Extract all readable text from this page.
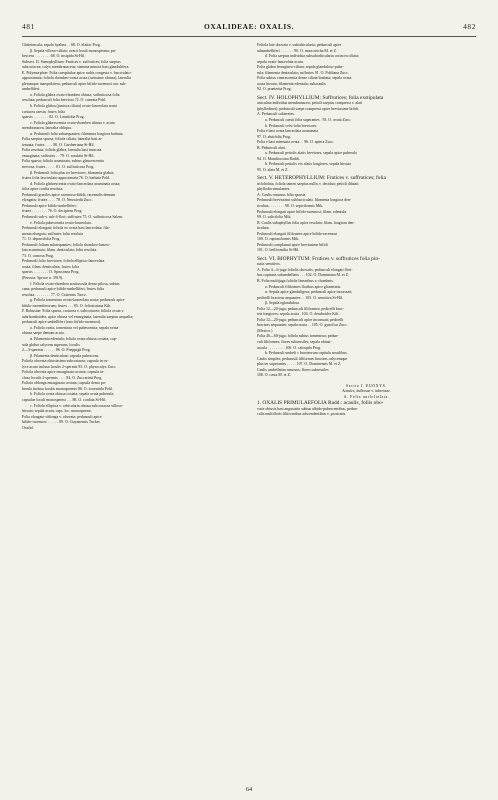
481	OXALIDEAE: OXALIS.	482

Glabriuscula; sepala hyalina . . 68. O. elatior Prog.

β. Sepala villoso-ciliata; ovarii loculi monosperma; pu-

bescens . . . . . . . . 68. O. insipida St-Hil.

Subsect. II. Stenophyllium: Frutices v. suffrutices; folia saepius

subcoriacea; calyx membranaceus; stamina minora basi glandulifera.

E. Polymorphoe: Folia caespitulae apice radiis congesta v. fasciculato-

approximata; foliola rhombeo-ovata acuta (rarissime obtusa), lateralia

plerumque inaequilatera; pedunculi apice bifido-racemosi rarc sub-

umbelliferi.

a. Foliola glabra ovato-rhombea obtusa; suffruticosa folia

resoluta; pedunculi folia breviora 72. O. cuneata Pohl.

b. Foliola glabra (junioca ciliata) ovato-lanceolata acuta

coriacea caesia; frutex folia

sparsis . . . . . . . . 82. O. Laurifolia Prog.

c. Foliola glabrescentia ovato-rhombea obtusa v. acuta

membranacea, lateralia obliqua.

α. Pedunculi folia subaequantes; filamenta longiora barbata.

Folia saepius sparsa; foliola ciliata, lateralia basi at-

tenuata; frutex . . . . 80. O. Gardneriana St-Hil.

Folia resoluta; foliola glabra, lateralia basi truncata

emarginata; suffrutex . . 79. O. rosulata St-Hil.

Folia sparsa; foliola acuminata, subtus glaucescentia

nervosa; frutex . . . . . 81. O. suffruticosa Prog.

β. Pedunculi folia plus ter breviores; filamenta glabra;

frutex folia fasciculato-approximata 76. O. barbata Pohl.

d. Foliola glabrescentia ovato-lanceolata acuminata acuta;

folia apice confta resoluta.

Pedunculi graciles apice racemoso-bifidi, racemulis demum

elongatis; frutex . . . . 78. O. Neuwiedii Zucc.

Pedunculi apice bifido-umbelliferi;

frutex . . . . . . . . 76. O. decipiens Prog.

Pedunculi sub-v. sub-4-flori; suffrutex 75. O. suffruticosa Salzm.

e. Foliola pubescentia ovato-lanceolata.

Pedunculi elongati; foliola ex ovata basi lanceolata; fila-

menta elongata; suffrutex folia resoluta

71. O. deparcifolia Prog.

Pedunculi folium subaequantes; foliola rhombeo-lanceo-

lata acuminata; filam. denticulata; folia resoluta

73. O. comosa Prog.

Pedunculi folio breviores; foliola elliptico-lanceolata

acuta; filam. denticulata; frutex folia

sparsis . . . . . . . . O. Spruceana Prog.

(Peruvia: Spruce n. 3919).

f. Foliola ovato-rhombea acutiuscula denso pilosa, subtus

cana; pedunculi apice bifido-umbelliferi; frutex folia

resoluta . . . . . . . . 77. O. Cratensis Turcz.

g. Foliola tomentoso ovato-lanceolata acuta; pedunculi apice

bifido-racemiferorum; frutex . . . 83. O. foliosissima Kth.

F. Robustae: Folia sparsa, coriacea v. subcoriacea; foliola ovata v.

subrhomboidea, apice obtusa vel emarginata, lateralia saepius aequalia;

pedunculi apice umbelliferi (raro bifido-racemosi).

a. Foliola ovata, tomentosa vel pubescentia; sepala ovata

obtusa saepe demum acuta.

α. Filamenta edentula; foliola ovata obtusa costata; cap-

sula glabra calycem superans, loculis

2—3-spermis . . . . . . 86. O. Poeppigii Prog.

β. Filamenta denticulata; capsula pubescens.

Foliola obovata obtusissima subcoriacea; capsula in cu-

lyce acuta inclusa loculis 2-spermis 93. O. physocalyx Zucc.

Foliola obovata apice emarginata costata; capsula in-

clusa loculis 2-spermis . . . . 84. O. Zuccarinii Prog.

Foliola oblonga emarginata costata; capsula demo pu-

berula inclusa loculis monospermis 86. O. torrentula Pohl.

b. Foliola ovata obtusa costata; sepala ovata puberula;

capsulae loculi monospermi . . . 88. O. cordata St-Hil.

c. Foliola elliptica v. orbicularia obtusa subcoriacea villoso-

hirsuta; sepala acuta; caps. loc. monospermi.

Folia elongato-oblonga v. obovata; pedunculi apice

bifido-racemosi . . . . . . 89. O. Guyanensis Tucker.

Oxalid.

Foliola late obovata v. suborbicularia; pedunculi apice

subumbelliferi . . . . . . . 90. O. macrotricha M. et Z.

d. Folia saepius individua subsuborbicularia coriacea ciliata;

sepala ovato-lanceolata acuta.

Folia glabra ferrugineo-ciliata; sepala glanduloso-pube-

rula; filamenta denticulata; suffrutex 91. O. Pohliana Zucc.

Folia subtus cinerascentia dense ciliata limbata; sepala ovata

acuta hirsuta; filamenta edentula; subacaulis

92. O. praeterita Prog.

Sect. IV. HOLOPHYLLIUM: Suffrutices; folia exstipulata

articulata individua membranacea; petioli saepius compressi v. alati

(phyllodinei); pedunculi saepe compressi apice breviusime bifidi.

A. Pedunculi subteretes.

a. Pedunculi caesii folia superantes . 93. O. ovata Zucc.

b. Pedunculi celsi folia breviores.

Folia e basi ovata lanceolata acuminata

97. O. alutifolia Prog.

Folia e basi attenuata ovata . . 96. O. aptera Zucc.

B. Pedunculi alati.

a. Pedunculi petiolis alatis breviores, sepala apice puberula

94. O. Mandioccana Raddi.

b. Pedunculi petiolis vix alatis longiores; sepala hirsuta

95. O. alata M. et Z.

Sect. V. HETEROPHYLLIUM: Frutices v. suffrutices; folia

trifoliolata, foliola tamen saepius nullis v. decidua; petioli dilatati

phyllodia simulantes.

A. Caulis ramosus folia sparsis.

Pedunculi breviusimi subfasciculati; filamenta longiora den-

ticulata . . . . . . . . 98. O. sepiciformis Mik.

Pedunculi elongati apice bifido-racemosi; filam. edentula

99. O. salicifolia Mik.

B. Caulis subaphyllus folia apice resoluta; filam. longiora den-

ticulata.

Pedunculi elongati filiformes apice bifido-racemosi

100. O. rapioniformis Mik.

Pedunculi complanati apice breviusime bifidi

101. O. beilfromilia St-Hil.

Sect. VI. BIOPHYTUM: Frutices v. suffrutices folia pin-

natis sensitivis.

A. Folia 4—6-juga foliolis obovatis; pedunculi elongati flori-

bus capitatis subumbellatis . . . 102. O. Dominiana M. et Z.

B. Folia multijuga foliolis linearibus v. rhombeis.

a. Pedunculi filiformes floribus apice glomeratis.

α. Sepala apice glanduligera; pedunculi apice incrassati;

pedicelli bracteas aequantes . . 103. O. sensitiva St-Hil.

β. Sepala eglandulosa.

Folia 12—20-juga; pedunculi filiformes; pedicelli brac-

teis longiores; sepala acuta . 104. O. dendroides Kth.

Folia 12—20-juga; pedunculi apice incrassati; pedicelli

bracteas aequantes; sepala acuta . . 105. O. gynofica Zucc.

(Mexico.)

Folia 40—60-juga; foliola subtus tomentosa; pedun-

culi filiformes; flores subsessiles; sepala obtusi-

uscula . . . . . . . . . 106. O. calospila Prog.

b. Pedunculi umbeli c bracteorum capitula sessilibus.

Caulis simplex; pedunculi filiformes bracteas calycemque

plus ter superantes . . . . . 107. O. Dominensis M. et Z.

Caulis umbellatim ramosus; flores subsessiles

108. O. casta M. et Z.

Sectio I. EUOXYS.

Acaules, bulbosae v. tuberosae.

A. Folia unifoliolata.

1. OXALIS PRIMULAEFOLIA Radd.: acaulis, foliis obo-

vatis obtusis basi angustatis subtus albido-pubescentibus, pedun-

culis multifloris filiformibus adscendentibus v. prostratis.

64
